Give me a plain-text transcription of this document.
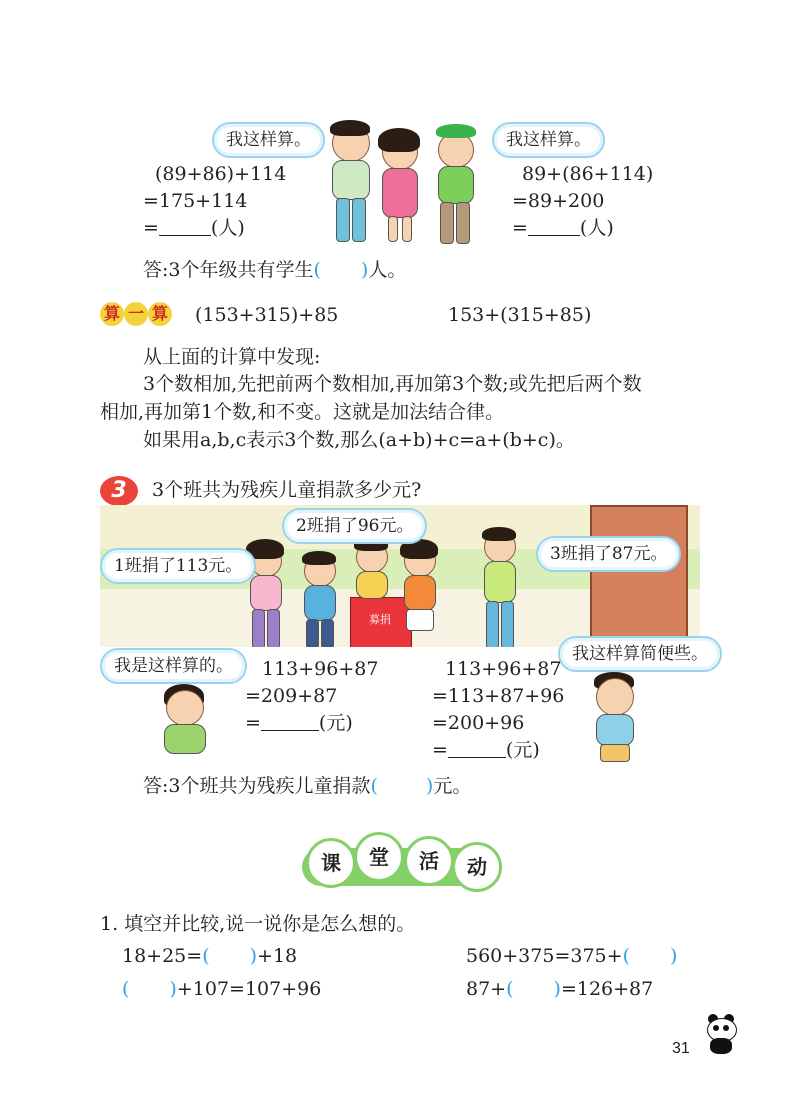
我这样算。	我这样算。
(89+86)+114
=175+114
=	(人)
89+(86+114)
=89+200
=	(人)
答:3个年级共有学生( )人。
算 一 算 (153+315)+85	153+(315+85)
从上面的计算中发现:
3个数相加,先把前两个数相加,再加第3个数;或先把后两个数
相加,再加第1个数,和不变。这就是加法结合律。
如果用a,b,c表示3个数,那么(a+b)+c=a+(b+c)。
3	3个班共为残疾儿童捐款多少元?
募捐
2班捐了96元。
1班捐了113元。
3班捐了87元。
我是这样算的。
我这样算简便些。
113+96+87
=209+87
=	(元)
113+96+87
=113+87+96
=200+96
=	(元)
答:3个班共为残疾儿童捐款(	)元。
课	堂	活	动
1. 填空并比较,说一说你是怎么想的。
18+25=( )+18	560+375=375+( )
( )+107=107+96	87+( )=126+87
31
